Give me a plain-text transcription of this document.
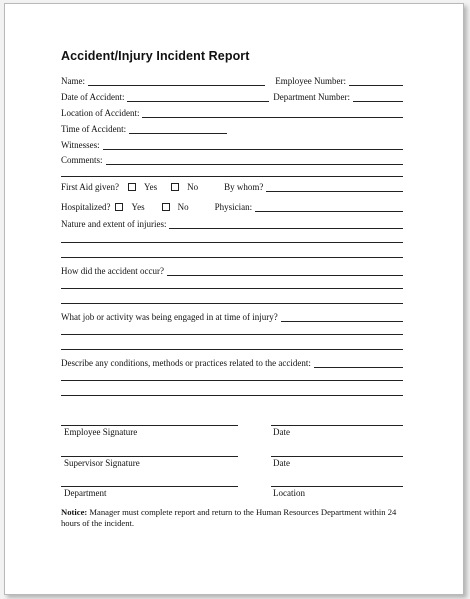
Accident/Injury Incident Report
Name:	Employee Number:
Date of Accident:	Department Number:
Location of Accident:
Time of Accident:
Witnesses:
Comments:
First Aid given?	Yes	No	By whom?
Hospitalized?	Yes	No	Physician:
Nature and extent of injuries:
How did the accident occur?
What job or activity was being engaged in at time of injury?
Describe any conditions, methods or practices related to the accident:
Employee Signature	Date
Supervisor Signature	Date
Department	Location
Notice: Manager must complete report and return to the Human Resources Department within 24 hours of the incident.
